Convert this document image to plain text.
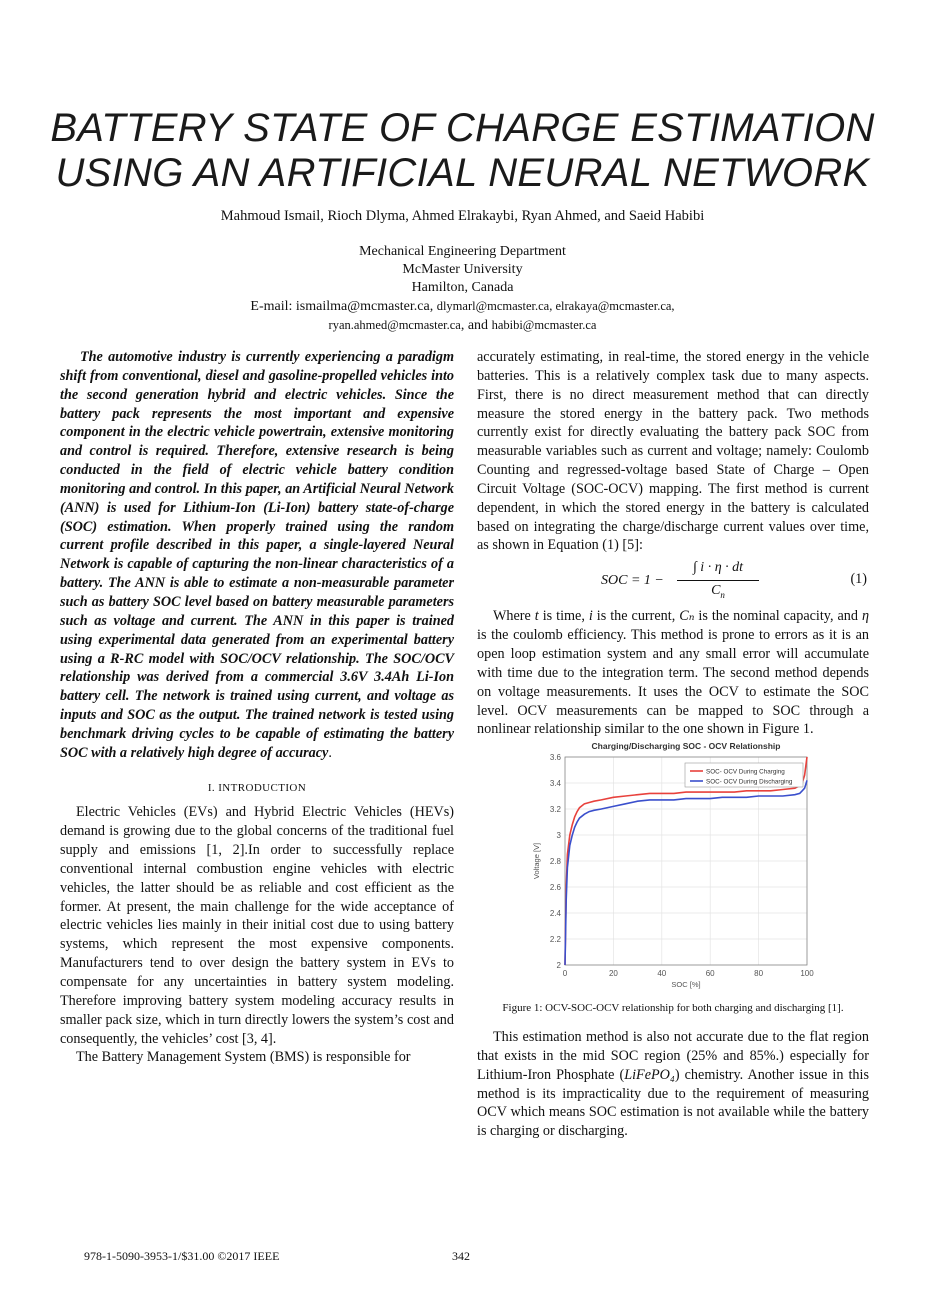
BATTERY STATE OF CHARGE ESTIMATION
USING AN ARTIFICIAL NEURAL NETWORK
Mahmoud Ismail, Rioch Dlyma, Ahmed Elrakaybi, Ryan Ahmed, and Saeid Habibi
Mechanical Engineering Department
McMaster University
Hamilton, Canada
E-mail: ismailma@mcmaster.ca, dlymarl@mcmaster.ca, elrakaya@mcmaster.ca,
ryan.ahmed@mcmaster.ca, and habibi@mcmaster.ca

The automotive industry is currently experiencing a paradigm shift from conventional, diesel and gasoline-propelled vehicles into the second generation hybrid and electric vehicles. Since the battery pack represents the most important and expensive component in the electric vehicle powertrain, extensive monitoring and control is required. Therefore, extensive research is being conducted in the field of electric vehicle battery condition monitoring and control. In this paper, an Artificial Neural Network (ANN) is used for Lithium-Ion (Li-Ion) battery state-of-charge (SOC) estimation. When properly trained using the random current profile described in this paper, a single-layered Neural Network is capable of capturing the non-linear characteristics of a battery. The ANN is able to estimate a non-measurable parameter such as battery SOC level based on battery measurable parameters such as voltage and current. The ANN in this paper is trained using experimental data generated from an experimental battery using a R-RC model with SOC/OCV relationship. The SOC/OCV relationship was derived from a commercial 3.6V 3.4Ah Li-Ion battery cell. The network is trained using current, and voltage as inputs and SOC as the output. The trained network is tested using benchmark driving cycles to be capable of estimating the battery SOC with a relatively high degree of accuracy.

I. INTRODUCTION

Electric Vehicles (EVs) and Hybrid Electric Vehicles (HEVs) demand is growing due to the global concerns of the traditional fuel supply and emissions [1, 2].In order to successfully replace conventional internal combustion engine vehicles with electric vehicles, the latter should be as reliable and cost efficient as the former. At present, the main challenge for the wide acceptance of electric vehicles lies mainly in their initial cost due to using battery systems, which represent the most expensive components. Manufacturers tend to over design the battery system in EVs to compensate for any uncertainties in battery system modeling. Therefore improving battery system modeling accuracy results in smaller pack size, which in turn directly lowers the system’s cost and consequently, the vehicles’ cost [3, 4].

The Battery Management System (BMS) is responsible for

accurately estimating, in real-time, the stored energy in the vehicle batteries. This is a relatively complex task due to many aspects. First, there is no direct measurement method that can directly measure the stored energy in the battery pack. Two methods currently exist for directly evaluating the battery pack SOC from measurable variables such as current and voltage; namely: Coulomb Counting and regressed-voltage based State of Charge – Open Circuit Voltage (SOC-OCV) mapping. The first method is current dependent, in which the stored energy in the battery is calculated based on integrating the charge/discharge current values over time, as shown in Equation (1) [5]:

SOC = $1 - \frac{\int i \cdot \eta \cdot dt}{C_n}$	(1)

Where t is time, i is the current, Cₙ is the nominal capacity, and η is the coulomb efficiency. This method is prone to errors as it is an open loop estimation system and any small error will accumulate with time due to the integration term. The second method depends on voltage measurements. It uses the OCV to estimate the SOC level. OCV measurements can be mapped to SOC through a nonlinear relationship similar to the one shown in Figure 1.

Charging/Discharging SOC - OCV Relationship
2
2.2
2.4
2.6
2.8
3
3.2
3.4
3.6
0	20	40	60	80	100
SOC [%]
Voltage [V]
SOC- OCV During Charging
SOC- OCV During Discharging
Figure 1: OCV-SOC-OCV relationship for both charging and discharging [1].

This estimation method is also not accurate due to the flat region that exists in the mid SOC region (25% and 85%.) especially for Lithium-Iron Phosphate (LiFePO₄) chemistry. Another issue in this method is its impracticality due to the requirement of measuring OCV which means SOC estimation is not available while the battery is charging or discharging.

978-1-5090-3953-1/$31.00 ©2017 IEEE	342
